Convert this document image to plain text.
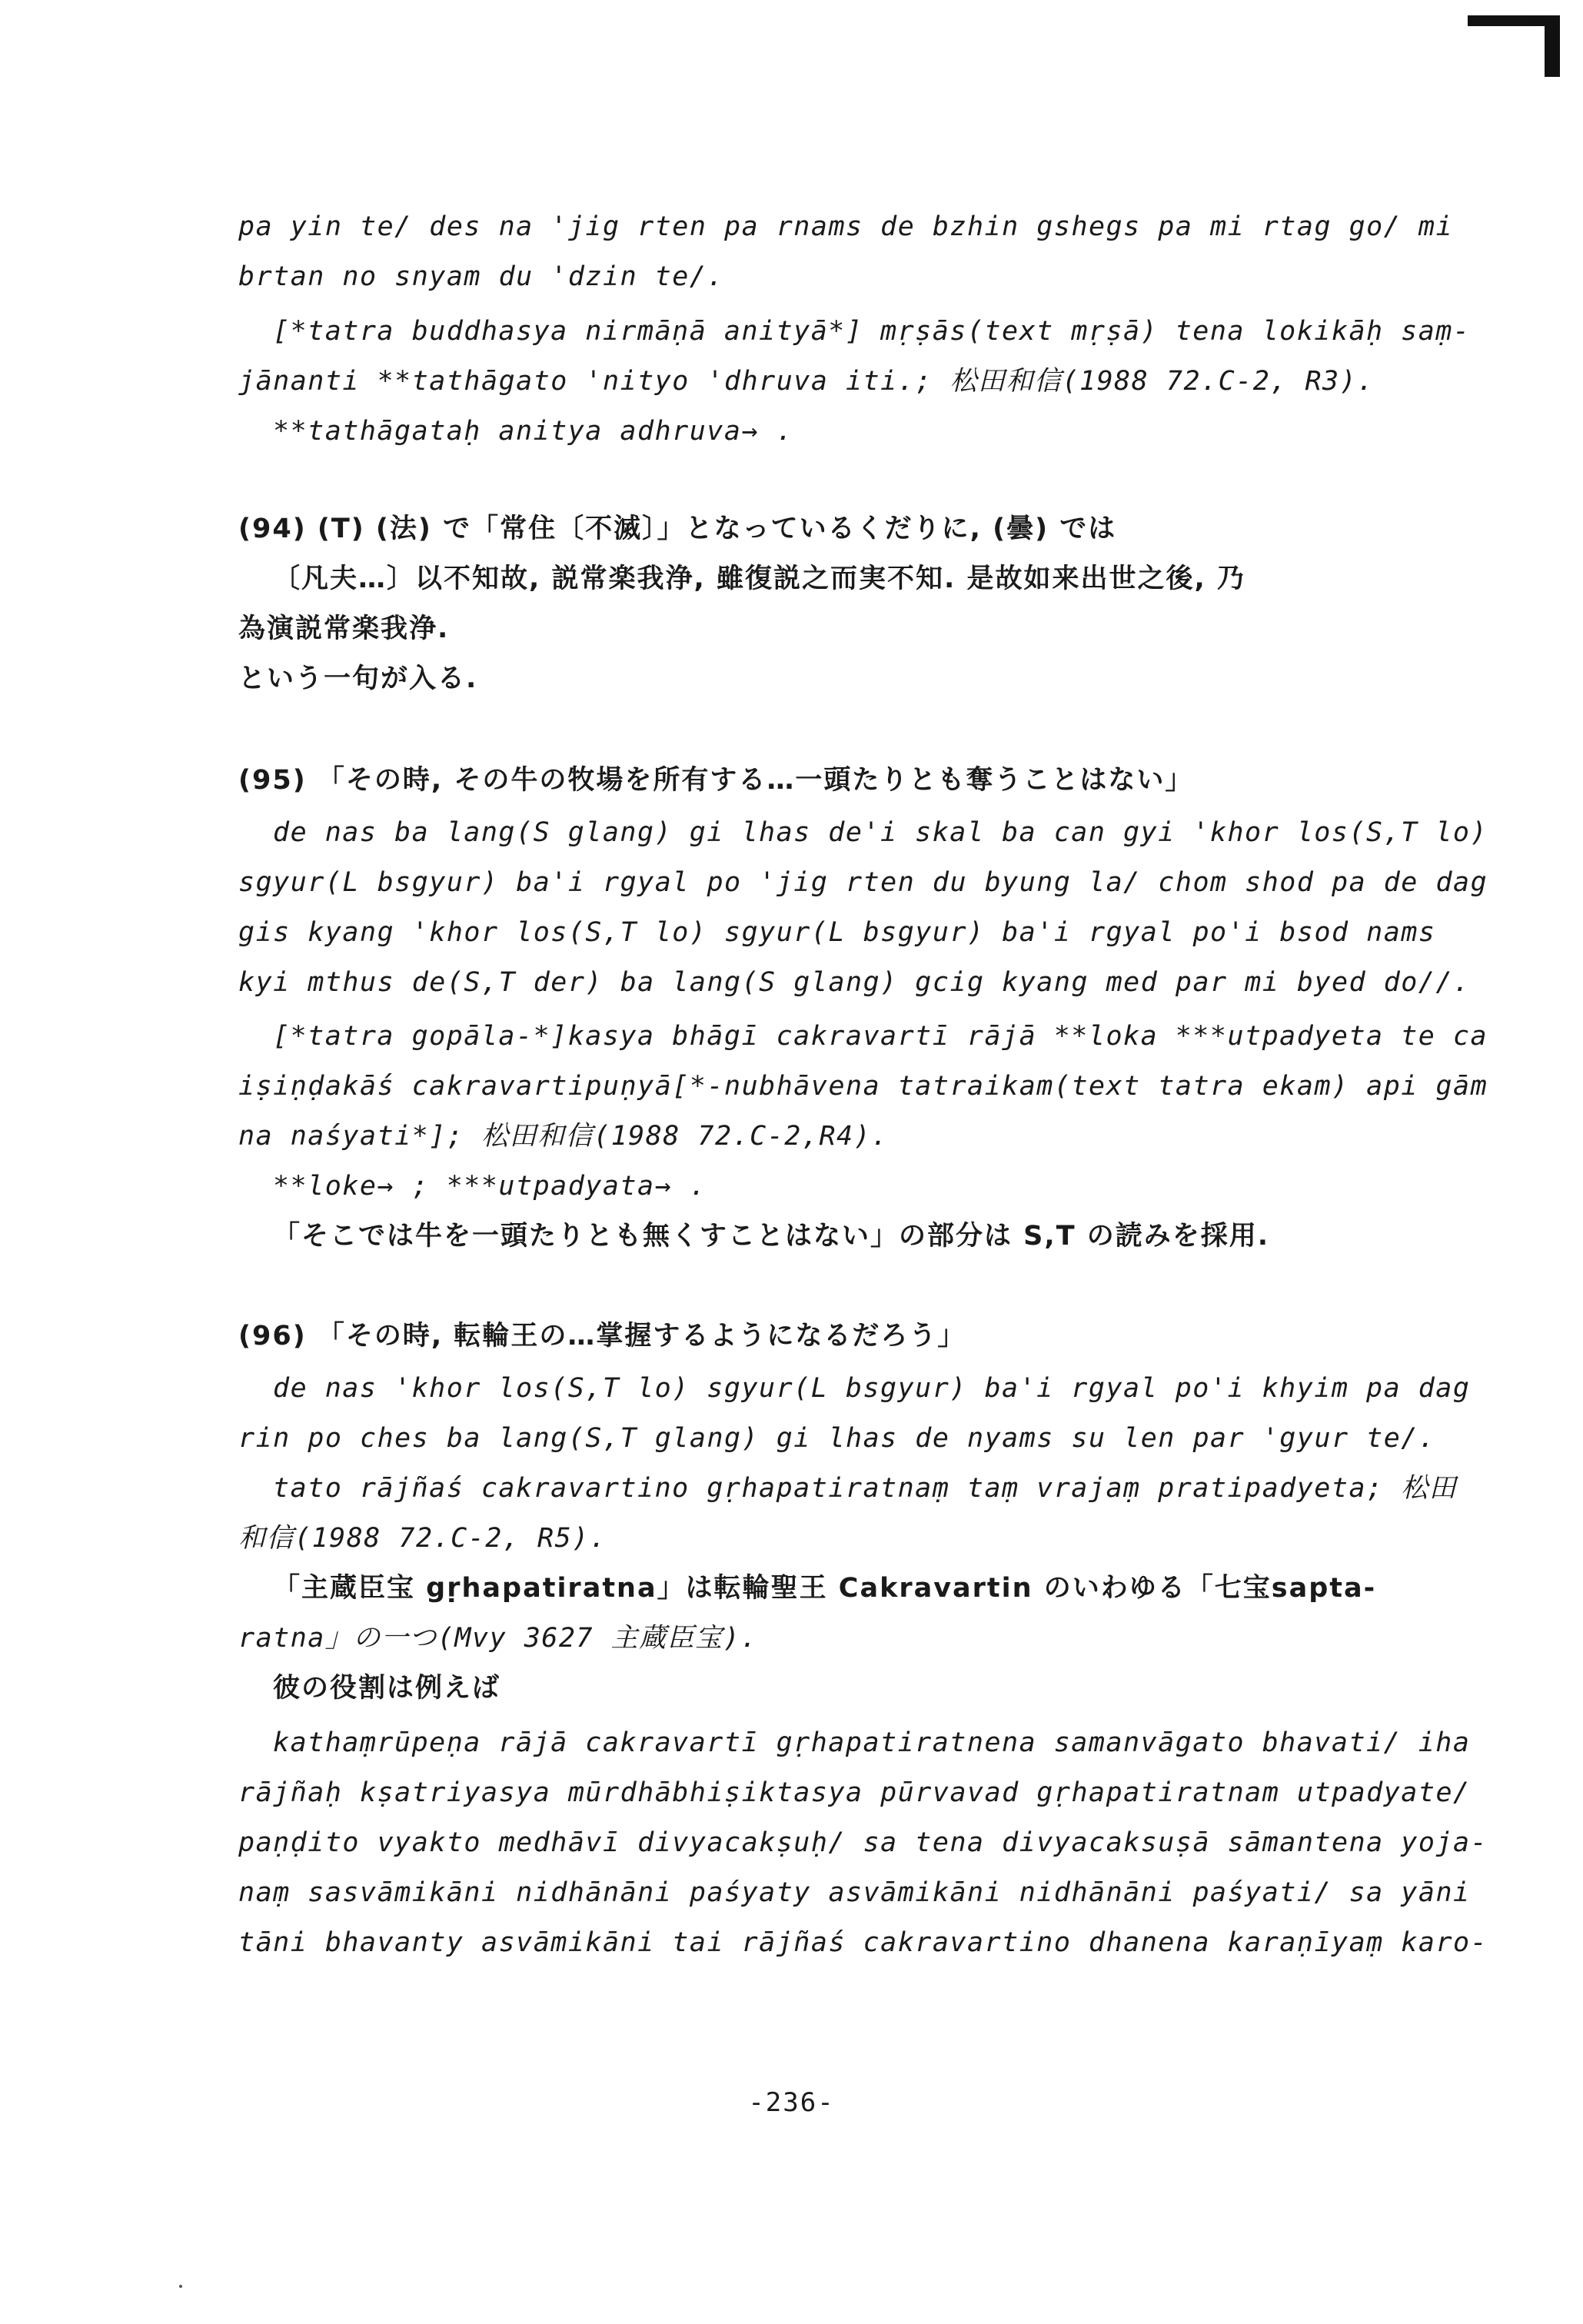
pa yin te/ des na 'jig rten pa rnams de bzhin gshegs pa mi rtag go/ mi
brtan no snyam du 'dzin te/.
[*tatra buddhasya nirmāṇā anityā*] mṛṣās(text mṛṣā) tena lokikāḥ saṃ-
jānanti **tathāgato 'nityo 'dhruva iti.; 松田和信(1988 72.C-2, R3).
**tathāgataḥ anitya adhruva→ .
(94) (T) (法) で「常住〔不滅〕」となっているくだりに, (曇) では
〔凡夫…〕以不知故, 説常楽我浄, 雖復説之而実不知. 是故如来出世之後, 乃
為演説常楽我浄.
という一句が入る.
(95) 「その時, その牛の牧場を所有する…一頭たりとも奪うことはない」
de nas ba lang(S glang) gi lhas de'i skal ba can gyi 'khor los(S,T lo)
sgyur(L bsgyur) ba'i rgyal po 'jig rten du byung la/ chom shod pa de dag
gis kyang 'khor los(S,T lo) sgyur(L bsgyur) ba'i rgyal po'i bsod nams
kyi mthus de(S,T der) ba lang(S glang) gcig kyang med par mi byed do//.
[*tatra gopāla-*]kasya bhāgī cakravartī rājā **loka ***utpadyeta te ca
iṣiṇḍakāś cakravartipuṇyā[*-nubhāvena tatraikam(text tatra ekam) api gām
na naśyati*]; 松田和信(1988 72.C-2,R4).
**loke→ ; ***utpadyata→ .
「そこでは牛を一頭たりとも無くすことはない」の部分は S,T の読みを採用.
(96) 「その時, 転輪王の…掌握するようになるだろう」
de nas 'khor los(S,T lo) sgyur(L bsgyur) ba'i rgyal po'i khyim pa dag
rin po ches ba lang(S,T glang) gi lhas de nyams su len par 'gyur te/.
tato rājñaś cakravartino gṛhapatiratnaṃ taṃ vrajaṃ pratipadyeta; 松田
和信(1988 72.C-2, R5).
「主蔵臣宝 gṛhapatiratna」は転輪聖王 Cakravartin のいわゆる「七宝sapta-
ratna」の一つ(Mvy 3627 主蔵臣宝).
彼の役割は例えば
kathaṃrūpeṇa rājā cakravartī gṛhapatiratnena samanvāgato bhavati/ iha
rājñaḥ kṣatriyasya mūrdhābhiṣiktasya pūrvavad gṛhapatiratnam utpadyate/
paṇḍito vyakto medhāvī divyacakṣuḥ/ sa tena divyacaksuṣā sāmantena yoja-
naṃ sasvāmikāni nidhānāni paśyaty asvāmikāni nidhānāni paśyati/ sa yāni
tāni bhavanty asvāmikāni tai rājñaś cakravartino dhanena karaṇīyaṃ karo-
-236-
